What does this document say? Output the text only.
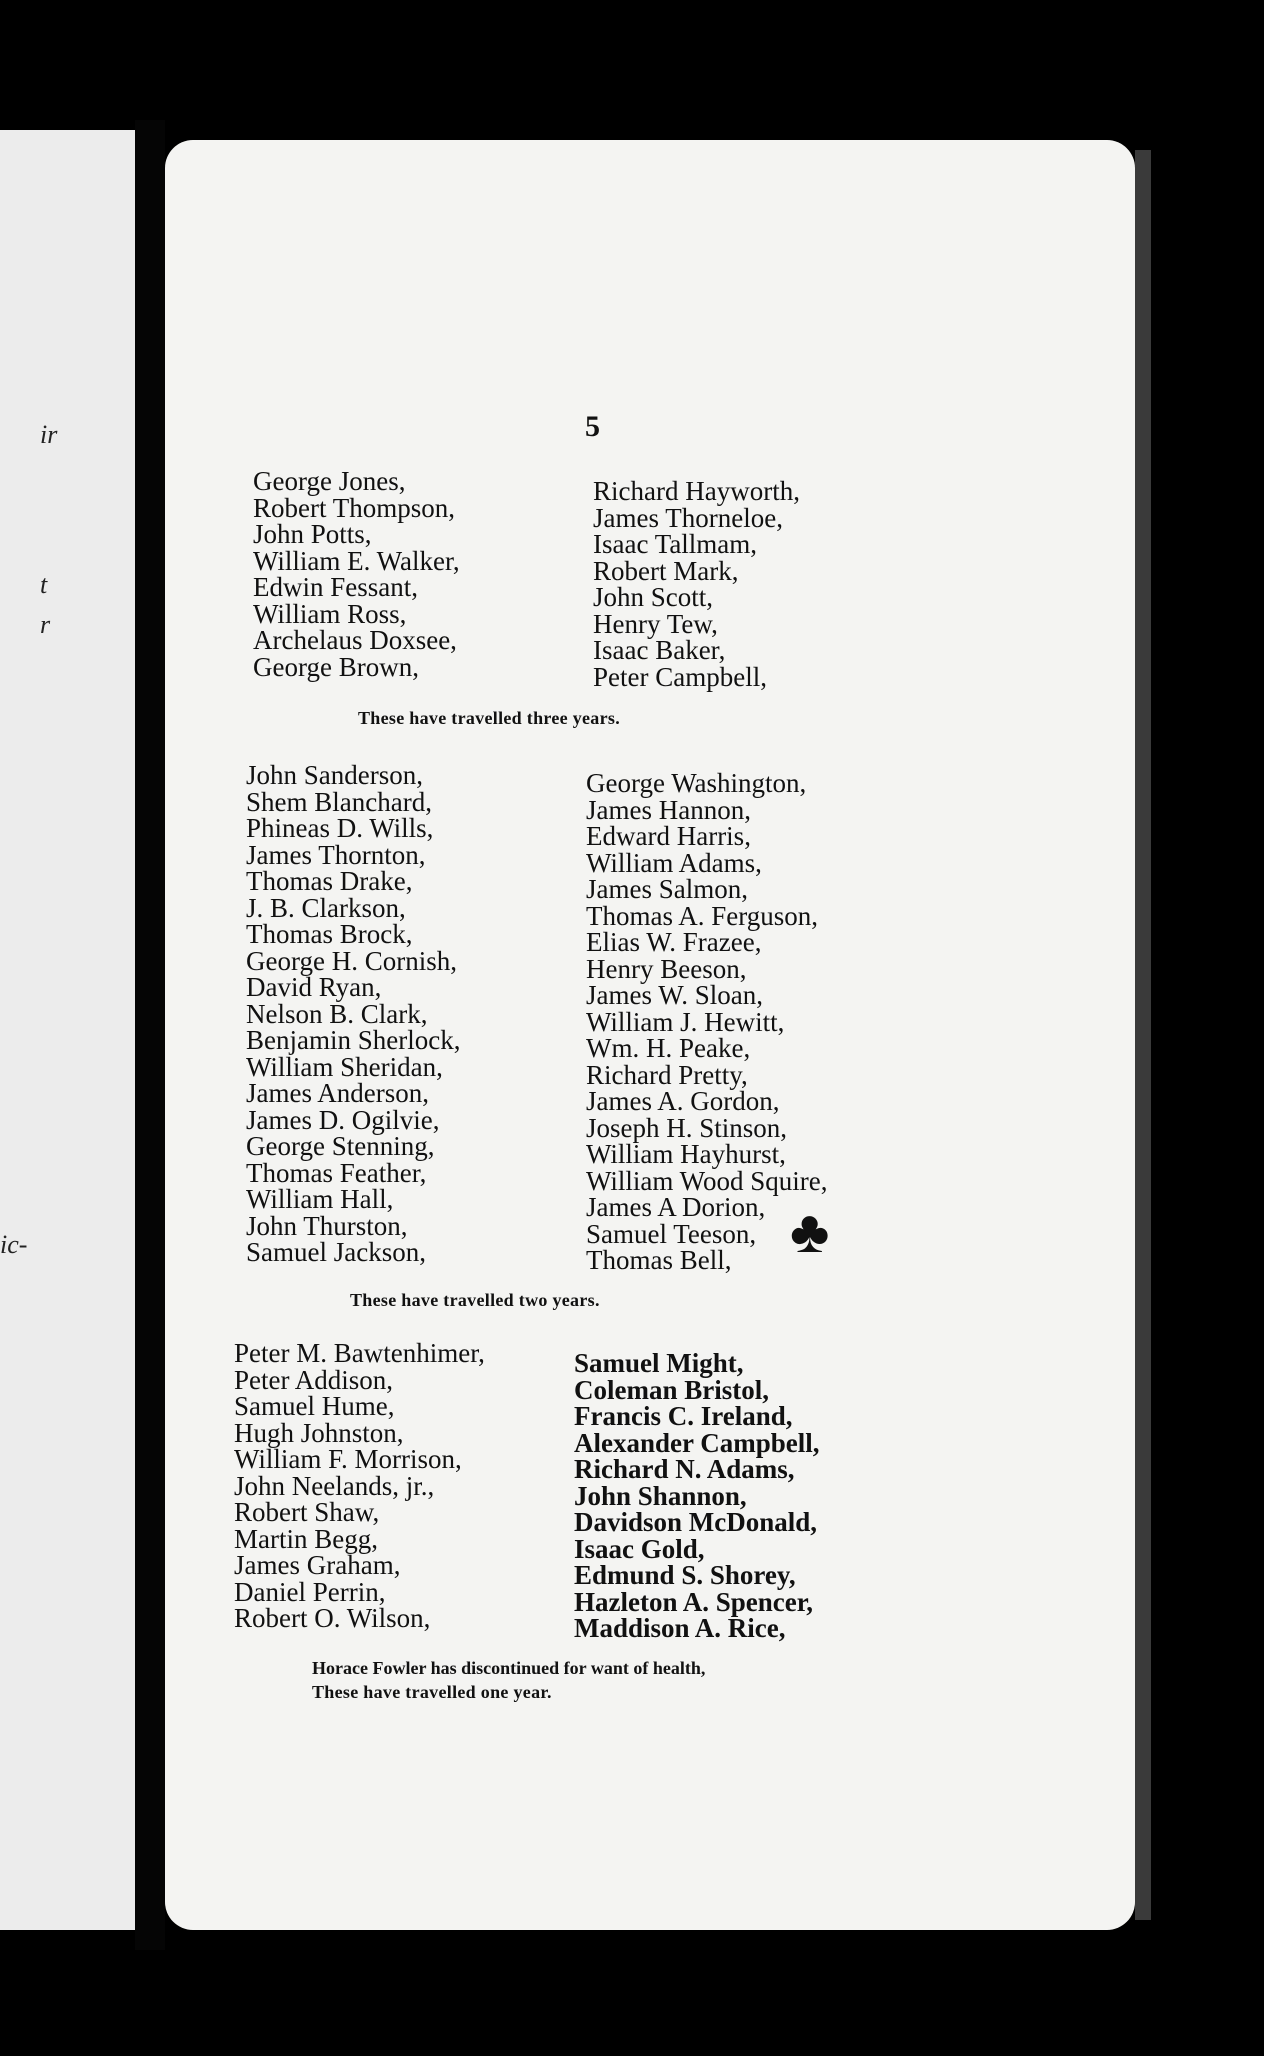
ir
t
r
ic-
5
George Jones,
Robert Thompson,
John Potts,
William E. Walker,
Edwin Fessant,
William Ross,
Archelaus Doxsee,
George Brown,
Richard Hayworth,
James Thorneloe,
Isaac Tallmam,
Robert Mark,
John Scott,
Henry Tew,
Isaac Baker,
Peter Campbell,
These have travelled three years.
John Sanderson,
Shem Blanchard,
Phineas D. Wills,
James Thornton,
Thomas Drake,
J. B. Clarkson,
Thomas Brock,
George H. Cornish,
David Ryan,
Nelson B. Clark,
Benjamin Sherlock,
William Sheridan,
James Anderson,
James D. Ogilvie,
George Stenning,
Thomas Feather,
William Hall,
John Thurston,
Samuel Jackson,
George Washington,
James Hannon,
Edward Harris,
William Adams,
James Salmon,
Thomas A. Ferguson,
Elias W. Frazee,
Henry Beeson,
James W. Sloan,
William J. Hewitt,
Wm. H. Peake,
Richard Pretty,
James A. Gordon,
Joseph H. Stinson,
William Hayhurst,
William Wood Squire,
James A Dorion,
Samuel Teeson,
Thomas Bell, ♣
These have travelled two years.
Peter M. Bawtenhimer,
Peter Addison,
Samuel Hume,
Hugh Johnston,
William F. Morrison,
John Neelands, jr.,
Robert Shaw,
Martin Begg,
James Graham,
Daniel Perrin,
Robert O. Wilson,
Samuel Might,
Coleman Bristol,
Francis C. Ireland,
Alexander Campbell,
Richard N. Adams,
John Shannon,
Davidson McDonald,
Isaac Gold,
Edmund S. Shorey,
Hazleton A. Spencer,
Maddison A. Rice,
Horace Fowler has discontinued for want of health,
These have travelled one year.
